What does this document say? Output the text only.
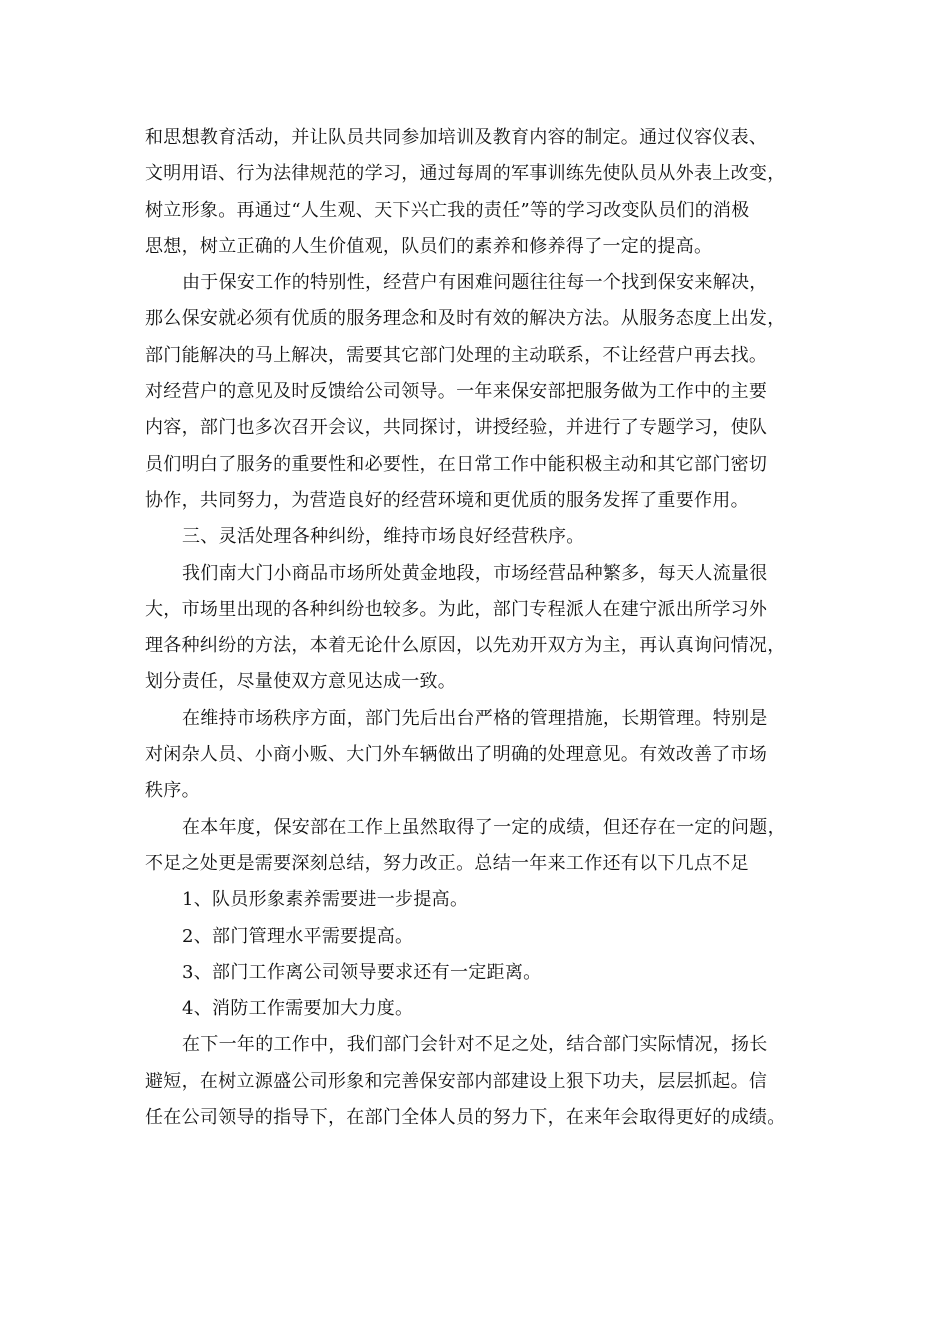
和思想教育活动，并让队员共同参加培训及教育内容的制定。通过仪容仪表、
文明用语、行为法律规范的学习，通过每周的军事训练先使队员从外表上改变，
树立形象。再通过“人生观、天下兴亡我的责任”等的学习改变队员们的消极
思想，树立正确的人生价值观，队员们的素养和修养得了一定的提高。
由于保安工作的特别性，经营户有困难问题往往每一个找到保安来解决，
那么保安就必须有优质的服务理念和及时有效的解决方法。从服务态度上出发，
部门能解决的马上解决，需要其它部门处理的主动联系，不让经营户再去找。
对经营户的意见及时反馈给公司领导。一年来保安部把服务做为工作中的主要
内容，部门也多次召开会议，共同探讨，讲授经验，并进行了专题学习，使队
员们明白了服务的重要性和必要性，在日常工作中能积极主动和其它部门密切
协作，共同努力，为营造良好的经营环境和更优质的服务发挥了重要作用。
三、灵活处理各种纠纷，维持市场良好经营秩序。
我们南大门小商品市场所处黄金地段，市场经营品种繁多，每天人流量很
大，市场里出现的各种纠纷也较多。为此，部门专程派人在建宁派出所学习外
理各种纠纷的方法，本着无论什么原因，以先劝开双方为主，再认真询问情况，
划分责任，尽量使双方意见达成一致。
在维持市场秩序方面，部门先后出台严格的管理措施，长期管理。特别是
对闲杂人员、小商小贩、大门外车辆做出了明确的处理意见。有效改善了市场
秩序。
在本年度，保安部在工作上虽然取得了一定的成绩，但还存在一定的问题，
不足之处更是需要深刻总结，努力改正。总结一年来工作还有以下几点不足
1、队员形象素养需要进一步提高。
2、部门管理水平需要提高。
3、部门工作离公司领导要求还有一定距离。
4、消防工作需要加大力度。
在下一年的工作中，我们部门会针对不足之处，结合部门实际情况，扬长
避短，在树立源盛公司形象和完善保安部内部建设上狠下功夫，层层抓起。信
任在公司领导的指导下，在部门全体人员的努力下，在来年会取得更好的成绩。
